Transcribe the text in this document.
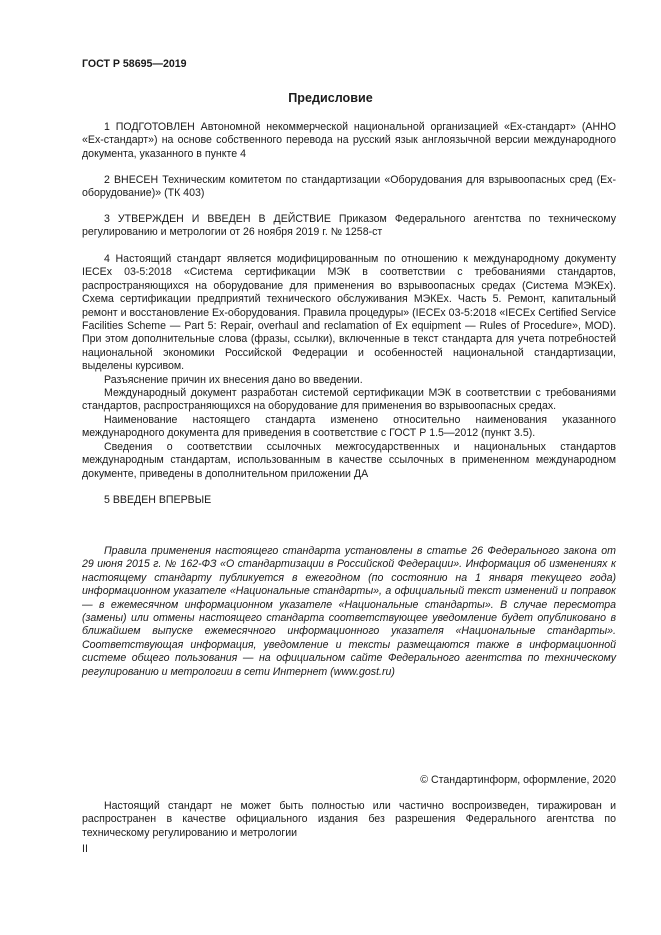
ГОСТ Р 58695—2019
Предисловие

1 ПОДГОТОВЛЕН Автономной некоммерческой национальной организацией «Ех-стандарт» (АННО «Ех-стандарт») на основе собственного перевода на русский язык англоязычной версии международного документа, указанного в пункте 4

2 ВНЕСЕН Техническим комитетом по стандартизации «Оборудования для взрывоопасных сред (Ех-оборудование)» (ТК 403)

3 УТВЕРЖДЕН И ВВЕДЕН В ДЕЙСТВИЕ Приказом Федерального агентства по техническому регулированию и метрологии от 26 ноября 2019 г. № 1258-ст

4 Настоящий стандарт является модифицированным по отношению к международному документу IECEx 03-5:2018 «Система сертификации МЭК в соответствии с требованиями стандартов, распространяющихся на оборудование для применения во взрывоопасных средах (Система МЭКЕх). Схема сертификации предприятий технического обслуживания МЭКЕх. Часть 5. Ремонт, капитальный ремонт и восстановление Ех-оборудования. Правила процедуры» (IECEx 03-5:2018 «IECEx Certified Service Facilities Scheme — Part 5: Repair, overhaul and reclamation of Ex equipment — Rules of Procedure», MOD). При этом дополнительные слова (фразы, ссылки), включенные в текст стандарта для учета потребностей национальной экономики Российской Федерации и особенностей национальной стандартизации, выделены курсивом.

Разъяснение причин их внесения дано во введении.

Международный документ разработан системой сертификации МЭК в соответствии с требованиями стандартов, распространяющихся на оборудование для применения во взрывоопасных средах.

Наименование настоящего стандарта изменено относительно наименования указанного международного документа для приведения в соответствие с ГОСТ Р 1.5—2012 (пункт 3.5).

Сведения о соответствии ссылочных межгосударственных и национальных стандартов международным стандартам, использованным в качестве ссылочных в примененном международном документе, приведены в дополнительном приложении ДА

5 ВВЕДЕН ВПЕРВЫЕ

Правила применения настоящего стандарта установлены в статье 26 Федерального закона от 29 июня 2015 г. № 162-ФЗ «О стандартизации в Российской Федерации». Информация об изменениях к настоящему стандарту публикуется в ежегодном (по состоянию на 1 января текущего года) информационном указателе «Национальные стандарты», а официальный текст изменений и поправок — в ежемесячном информационном указателе «Национальные стандарты». В случае пересмотра (замены) или отмены настоящего стандарта соответствующее уведомление будет опубликовано в ближайшем выпуске ежемесячного информационного указателя «Национальные стандарты». Соответствующая информация, уведомление и тексты размещаются также в информационной системе общего пользования — на официальном сайте Федерального агентства по техническому регулированию и метрологии в сети Интернет (www.gost.ru)

© Стандартинформ, оформление, 2020

Настоящий стандарт не может быть полностью или частично воспроизведен, тиражирован и распространен в качестве официального издания без разрешения Федерального агентства по техническому регулированию и метрологии

II
